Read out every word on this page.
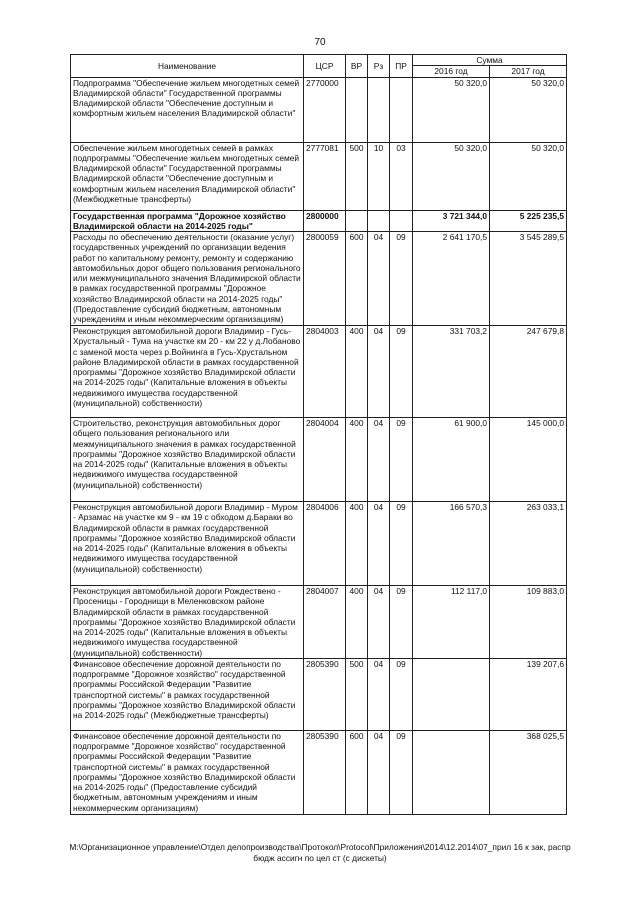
70
Наименование	ЦСР	ВР	Рз	ПР	Сумма	
					2016 год	2017 год
Подпрограмма "Обеспечение жильем многодетных семей Владимирской области" Государственной программы Владимирской области "Обеспечение доступным и комфортным жильем населения Владимирской области"	2770000				50 320,0	50 320,0
Обеспечение жильем многодетных семей в рамках подпрограммы "Обеспечение жильем многодетных семей Владимирской области" Государственной программы Владимирской области "Обеспечение доступным и комфортным жильем населения Владимирской области" (Межбюджетные трансферты)	2777081	500	10	03	50 320,0	50 320,0
Государственная программа "Дорожное хозяйство Владимирской области на 2014-2025 годы"	2800000				3 721 344,0	5 225 235,5
Расходы по обеспечению деятельности (оказание услуг) государственных учреждений по организации ведения работ по капитальному ремонту, ремонту и содержанию автомобильных дорог общего пользования регионального или межмуниципального значения Владимирской области в рамках государственной программы "Дорожное хозяйство Владимирской области на 2014-2025 годы" (Предоставление субсидий бюджетным, автономным учреждениям и иным некоммерческим организациям)	2800059	600	04	09	2 641 170,5	3 545 289,5
Реконструкция автомобильной дороги Владимир - Гусь-Хрустальный - Тума на участке км 20 - км 22 у д.Лобаново с заменой моста через р.Войнинга в Гусь-Хрустальном районе Владимирской области в рамках государственной программы "Дорожное хозяйство Владимирской области на 2014-2025 годы" (Капитальные вложения в объекты недвижимого имущества государственной (муниципальной) собственности)	2804003	400	04	09	331 703,2	247 679,8
Строительство, реконструкция автомобильных дорог общего пользования регионального или межмуниципального значения в рамках государственной программы "Дорожное хозяйство Владимирской области на 2014-2025 годы" (Капитальные вложения в объекты недвижимого имущества государственной (муниципальной) собственности)	2804004	400	04	09	61 900,0	145 000,0
Реконструкция автомобильной дороги Владимир - Муром - Арзамас на участке км 9 - км 19 с обходом д.Бараки во Владимирской области в рамках государственной программы "Дорожное хозяйство Владимирской области на 2014-2025 годы" (Капитальные вложения в объекты недвижимого имущества государственной (муниципальной) собственности)	2804006	400	04	09	166 570,3	263 033,1
Реконструкция автомобильной дороги Рождествено - Просеницы - Городнищи в Меленковском районе Владимирской области в рамках государственной программы "Дорожное хозяйство Владимирской области на 2014-2025 годы" (Капитальные вложения в объекты недвижимого имущества государственной (муниципальной) собственности)	2804007	400	04	09	112 117,0	109 883,0
Финансовое обеспечение дорожной деятельности по подпрограмме "Дорожное хозяйство" государственной программы Российской Федерации "Развитие транспортной системы" в рамках государственной программы "Дорожное хозяйство Владимирской области на 2014-2025 годы" (Межбюджетные трансферты)	2805390	500	04	09		139 207,6
Финансовое обеспечение дорожной деятельности по подпрограмме "Дорожное хозяйство" государственной программы Российской Федерации "Развитие транспортной системы" в рамках государственной программы "Дорожное хозяйство Владимирской области на 2014-2025 годы" (Предоставление субсидий бюджетным, автономным учреждениям и иным некоммерческим организациям)	2805390	600	04	09		368 025,5
M:\Организационное управление\Отдел делопроизводства\Протокол\Protocol\Приложения\2014\12.2014\07_прил 16 к зак, распр
бюдж ассигн по цел ст (с дискеты)
